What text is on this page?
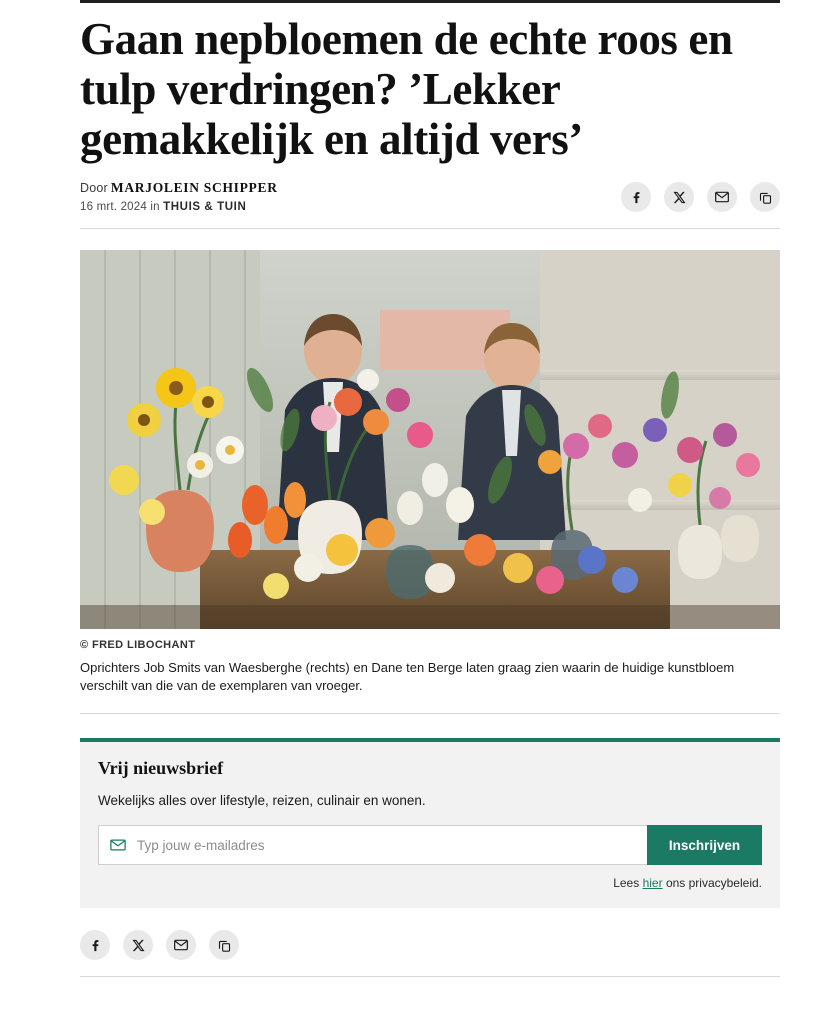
Gaan nepbloemen de echte roos en tulp verdringen? ’Lekker gemakkelijk en altijd vers’
Door MARJOLEIN SCHIPPER
16 mrt. 2024 in THUIS & TUIN
© FRED LIBOCHANT
Oprichters Job Smits van Waesberghe (rechts) en Dane ten Berge laten graag zien waarin de huidige kunstbloem verschilt van die van de exemplaren van vroeger.
Vrij nieuwsbrief
Wekelijks alles over lifestyle, reizen, culinair en wonen.
Typ jouw e-mailadres
Inschrijven
Lees hier ons privacybeleid.
